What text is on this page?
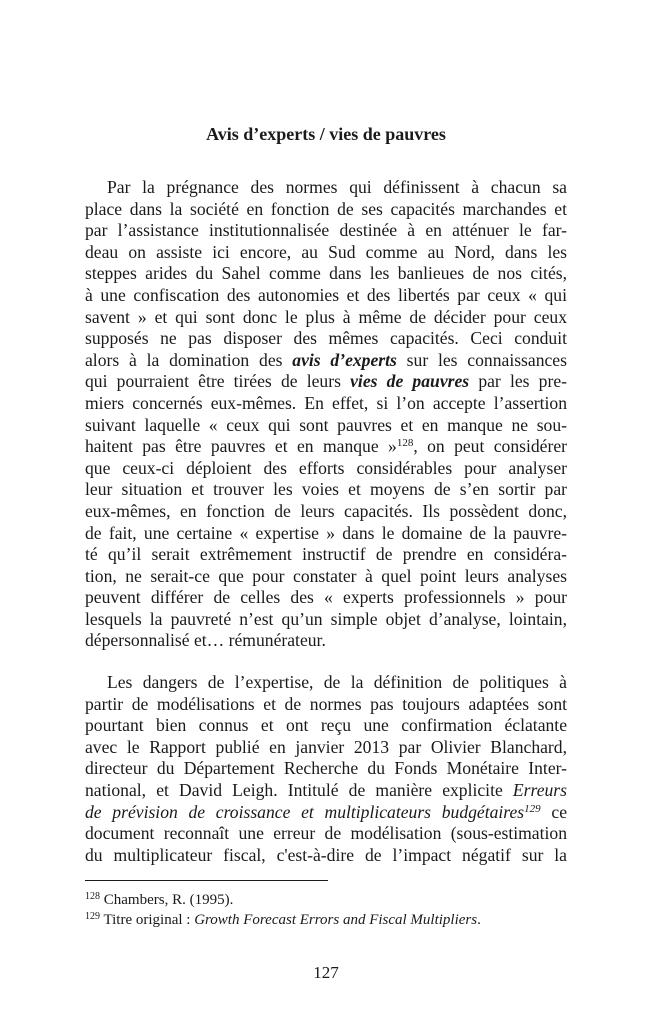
Avis d’experts / vies de pauvres
Par la prégnance des normes qui définissent à chacun sa
place dans la société en fonction de ses capacités marchandes et
par l’assistance institutionnalisée destinée à en atténuer le far-
deau on assiste ici encore, au Sud comme au Nord, dans les
steppes arides du Sahel comme dans les banlieues de nos cités,
à une confiscation des autonomies et des libertés par ceux « qui
savent » et qui sont donc le plus à même de décider pour ceux
supposés ne pas disposer des mêmes capacités. Ceci conduit
alors à la domination des avis d’experts sur les connaissances
qui pourraient être tirées de leurs vies de pauvres par les pre-
miers concernés eux-mêmes. En effet, si l’on accepte l’assertion
suivant laquelle « ceux qui sont pauvres et en manque ne sou-
haitent pas être pauvres et en manque »$^{128}$, on peut considérer
que ceux-ci déploient des efforts considérables pour analyser
leur situation et trouver les voies et moyens de s’en sortir par
eux-mêmes, en fonction de leurs capacités. Ils possèdent donc,
de fait, une certaine « expertise » dans le domaine de la pauvre-
té qu’il serait extrêmement instructif de prendre en considéra-
tion, ne serait-ce que pour constater à quel point leurs analyses
peuvent différer de celles des « experts professionnels » pour
lesquels la pauvreté n’est qu’un simple objet d’analyse, lointain,
dépersonnalisé et… rémunérateur.
Les dangers de l’expertise, de la définition de politiques à
partir de modélisations et de normes pas toujours adaptées sont
pourtant bien connus et ont reçu une confirmation éclatante
avec le Rapport publié en janvier 2013 par Olivier Blanchard,
directeur du Département Recherche du Fonds Monétaire Inter-
national, et David Leigh. Intitulé de manière explicite Erreurs
de prévision de croissance et multiplicateurs budgétaires$^{129}$ ce
document reconnaît une erreur de modélisation (sous-estimation
du multiplicateur fiscal, c'est-à-dire de l’impact négatif sur la

$^{128}$ Chambers, R. (1995).

$^{129}$ Titre original : Growth Forecast Errors and Fiscal Multipliers.

127
